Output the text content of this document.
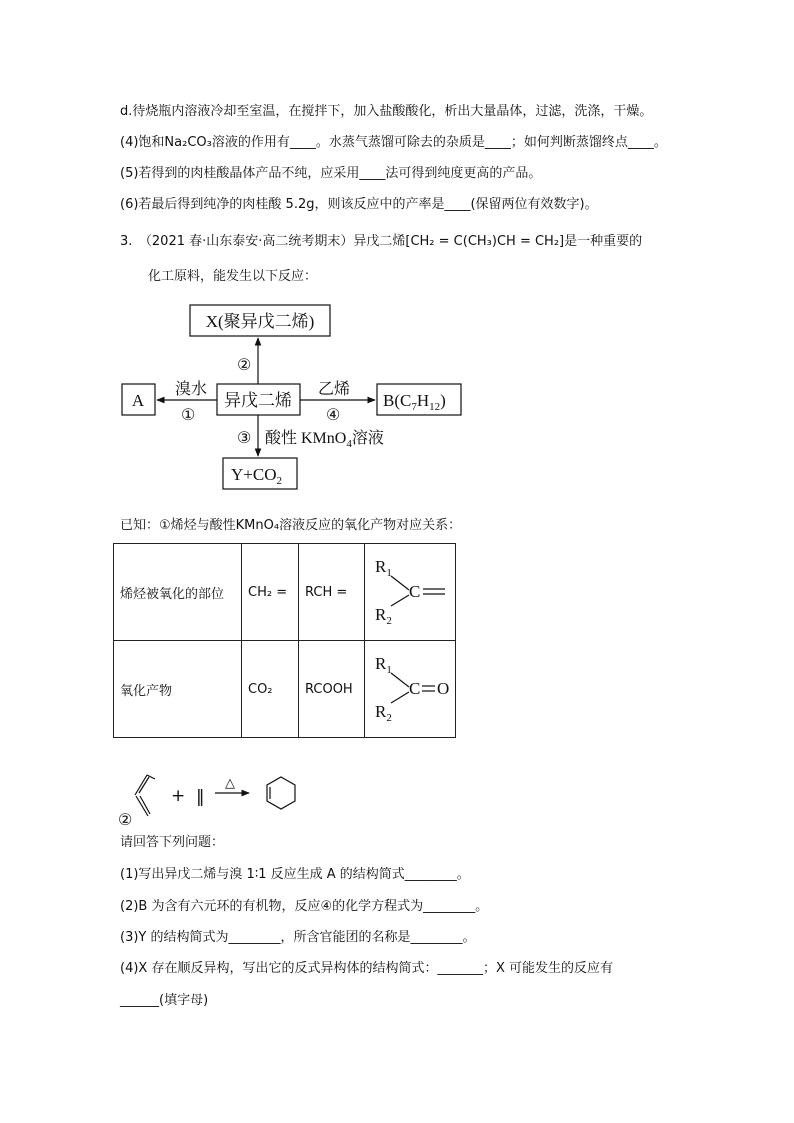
d.待烧瓶内溶液冷却至室温，在搅拌下，加入盐酸酸化，析出大量晶体，过滤，洗涤，干燥。
(4)饱和Na₂CO₃溶液的作用有____。水蒸气蒸馏可除去的杂质是____；如何判断蒸馏终点____。
(5)若得到的肉桂酸晶体产品不纯，应采用____法可得到纯度更高的产品。
(6)若最后得到纯净的肉桂酸 5.2g，则该反应中的产率是____(保留两位有效数字)。
3.　（2021 春·山东泰安·高二统考期末）异戊二烯[CH₂ = C(CH₃)CH = CH₂]是一种重要的
化工原料，能发生以下反应：
X(聚异戊二烯)
异戊二烯
A	$B(C_7H_{12})$
$Y+CO_2$
②
溴水
①
乙烯
④
③ 酸性 KMnO$_4$溶液
已知：①烯烃与酸性KMnO₄溶液反应的氧化产物对应关系：
烯烃被氧化的部位	CH₂ =	RCH =	$R_1$
$R_2$
C

氧化产物	CO₂	RCOOH	$R_1$
$R_2$
C O
②
+ ‖
△
请回答下列问题：
(1)写出异戊二烯与溴 1∶1 反应生成 A 的结构简式________。
(2)B 为含有六元环的有机物，反应④的化学方程式为________。
(3)Y 的结构简式为________，所含官能团的名称是________。
(4)X 存在顺反异构，写出它的反式异构体的结构简式：_______；X 可能发生的反应有
______(填字母)
